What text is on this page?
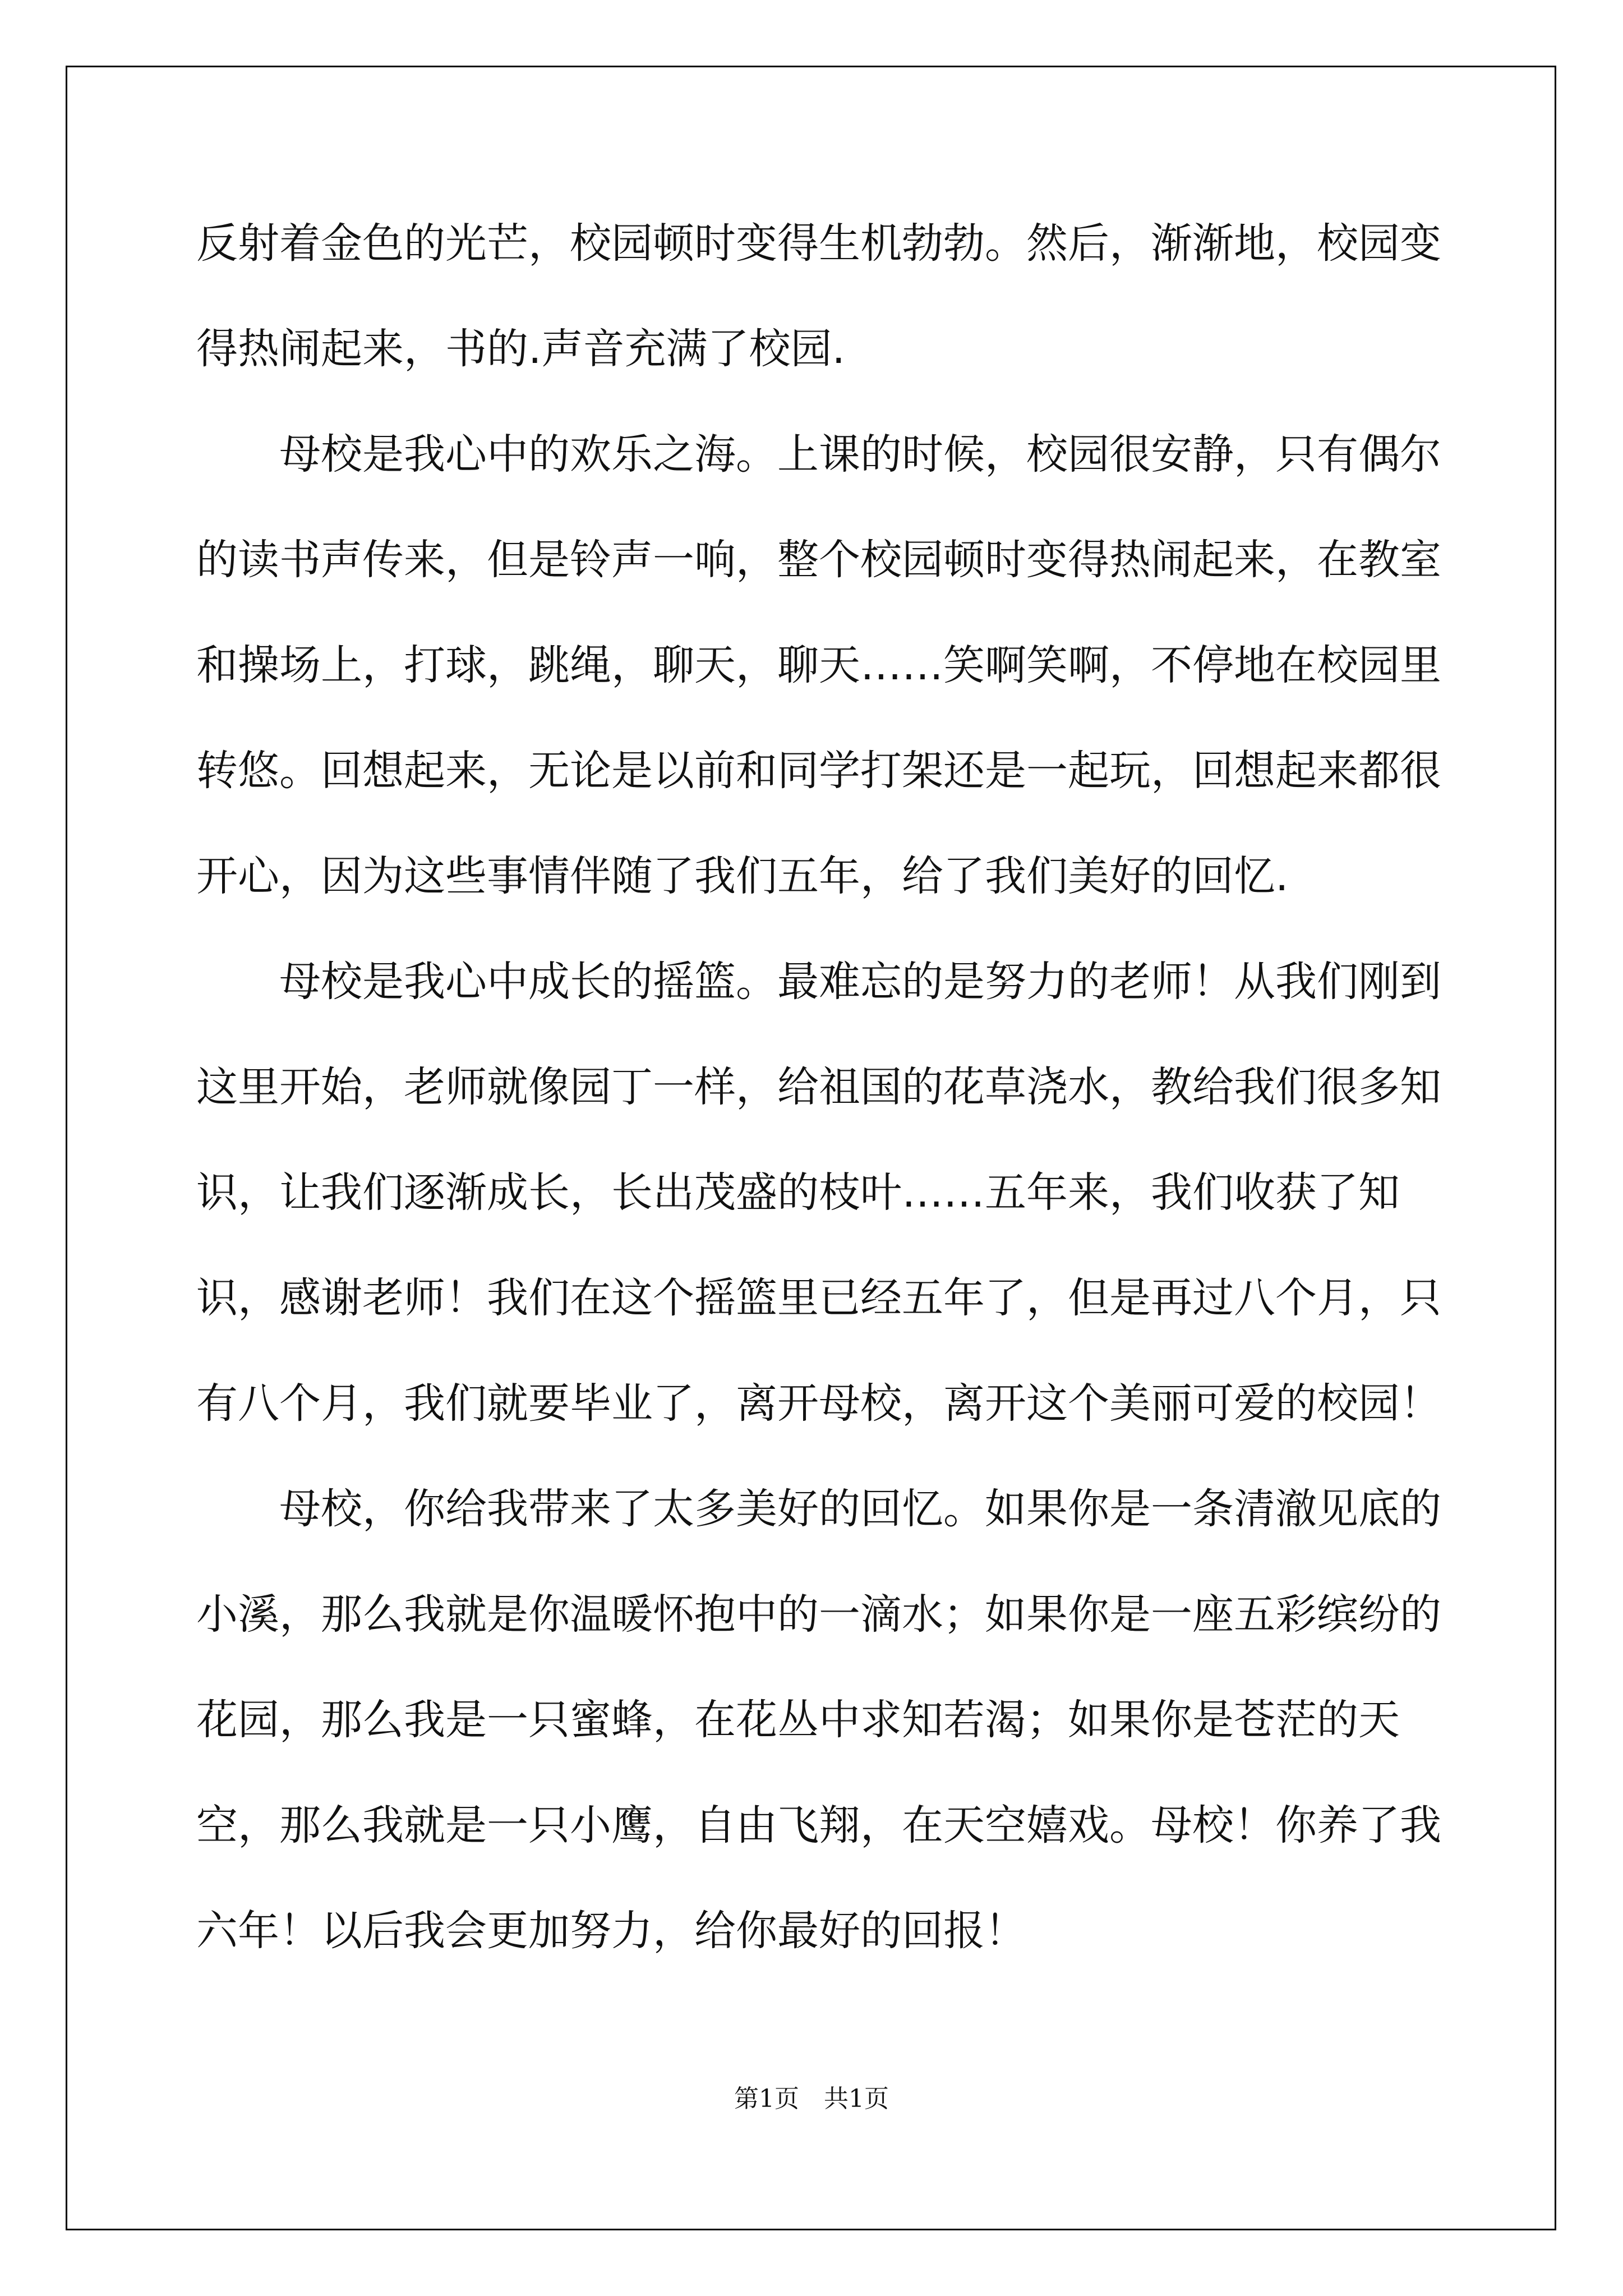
反射着金色的光芒，校园顿时变得生机勃勃。然后，渐渐地，校园变得热闹起来，书的.声音充满了校园.

母校是我心中的欢乐之海。上课的时候，校园很安静，只有偶尔的读书声传来，但是铃声一响，整个校园顿时变得热闹起来，在教室和操场上，打球，跳绳，聊天，聊天……笑啊笑啊，不停地在校园里转悠。回想起来，无论是以前和同学打架还是一起玩，回想起来都很开心，因为这些事情伴随了我们五年，给了我们美好的回忆.

母校是我心中成长的摇篮。最难忘的是努力的老师！从我们刚到这里开始，老师就像园丁一样，给祖国的花草浇水，教给我们很多知识，让我们逐渐成长，长出茂盛的枝叶……五年来，我们收获了知识，感谢老师！我们在这个摇篮里已经五年了，但是再过八个月，只有八个月，我们就要毕业了，离开母校，离开这个美丽可爱的校园！

母校，你给我带来了太多美好的回忆。如果你是一条清澈见底的小溪，那么我就是你温暖怀抱中的一滴水；如果你是一座五彩缤纷的花园，那么我是一只蜜蜂，在花丛中求知若渴；如果你是苍茫的天空，那么我就是一只小鹰，自由飞翔，在天空嬉戏。母校！你养了我六年！以后我会更加努力，给你最好的回报！

第1页　共1页
